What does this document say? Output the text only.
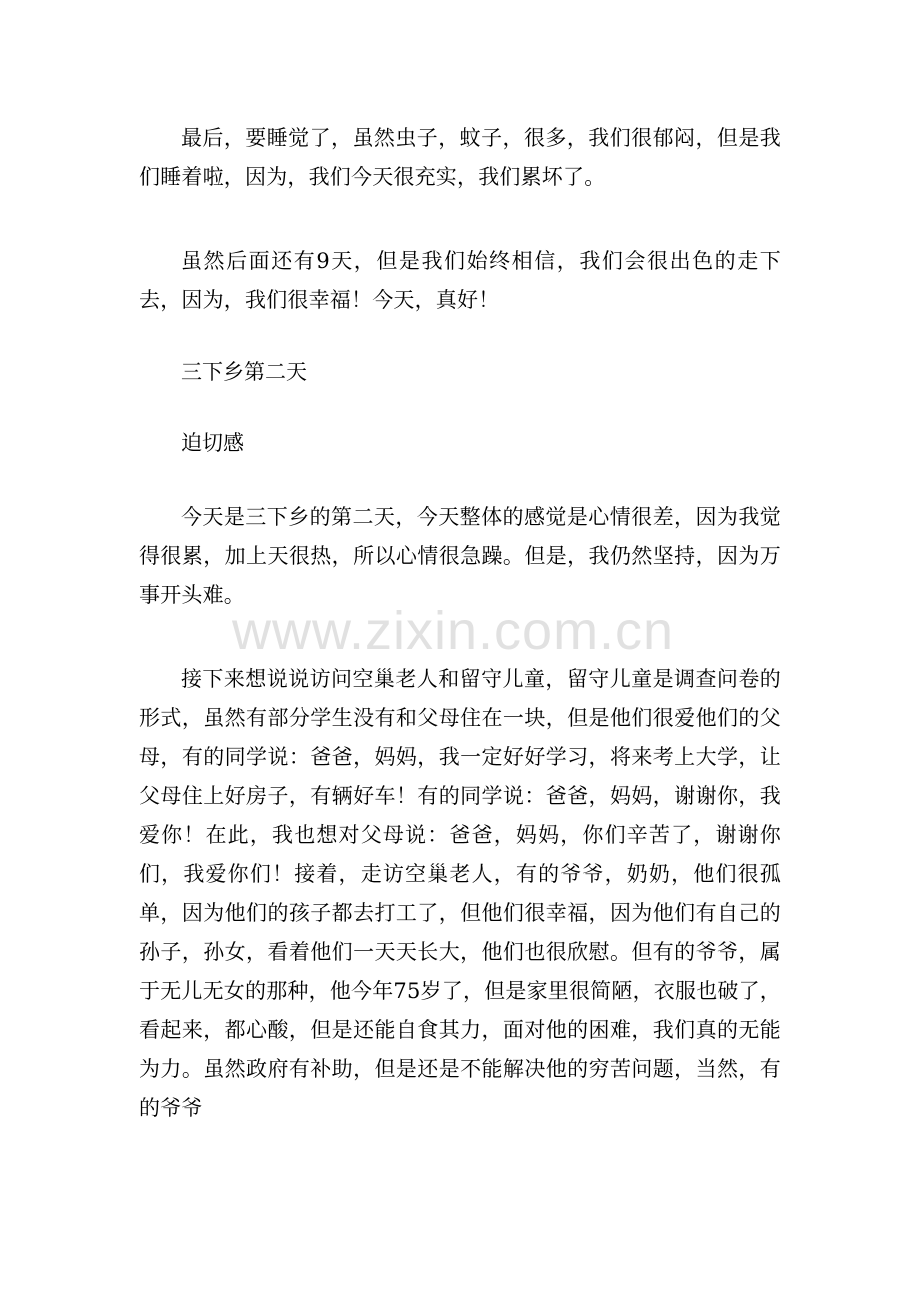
最后，要睡觉了，虽然虫子，蚊子，很多，我们很郁闷，但是我们睡着啦，因为，我们今天很充实，我们累坏了。

虽然后面还有9天，但是我们始终相信，我们会很出色的走下去，因为，我们很幸福！今天，真好！

三下乡第二天

迫切感

今天是三下乡的第二天，今天整体的感觉是心情很差，因为我觉得很累，加上天很热，所以心情很急躁。但是，我仍然坚持，因为万事开头难。

www.zixin.com.cn

接下来想说说访问空巢老人和留守儿童，留守儿童是调查问卷的形式，虽然有部分学生没有和父母住在一块，但是他们很爱他们的父母，有的同学说：爸爸，妈妈，我一定好好学习，将来考上大学，让父母住上好房子，有辆好车！有的同学说：爸爸，妈妈，谢谢你，我爱你！在此，我也想对父母说：爸爸，妈妈，你们辛苦了，谢谢你们，我爱你们！接着，走访空巢老人，有的爷爷，奶奶，他们很孤单，因为他们的孩子都去打工了，但他们很幸福，因为他们有自己的孙子，孙女，看着他们一天天长大，他们也很欣慰。但有的爷爷，属于无儿无女的那种，他今年75岁了，但是家里很简陋，衣服也破了，看起来，都心酸，但是还能自食其力，面对他的困难，我们真的无能为力。虽然政府有补助，但是还是不能解决他的穷苦问题，当然，有的爷爷
